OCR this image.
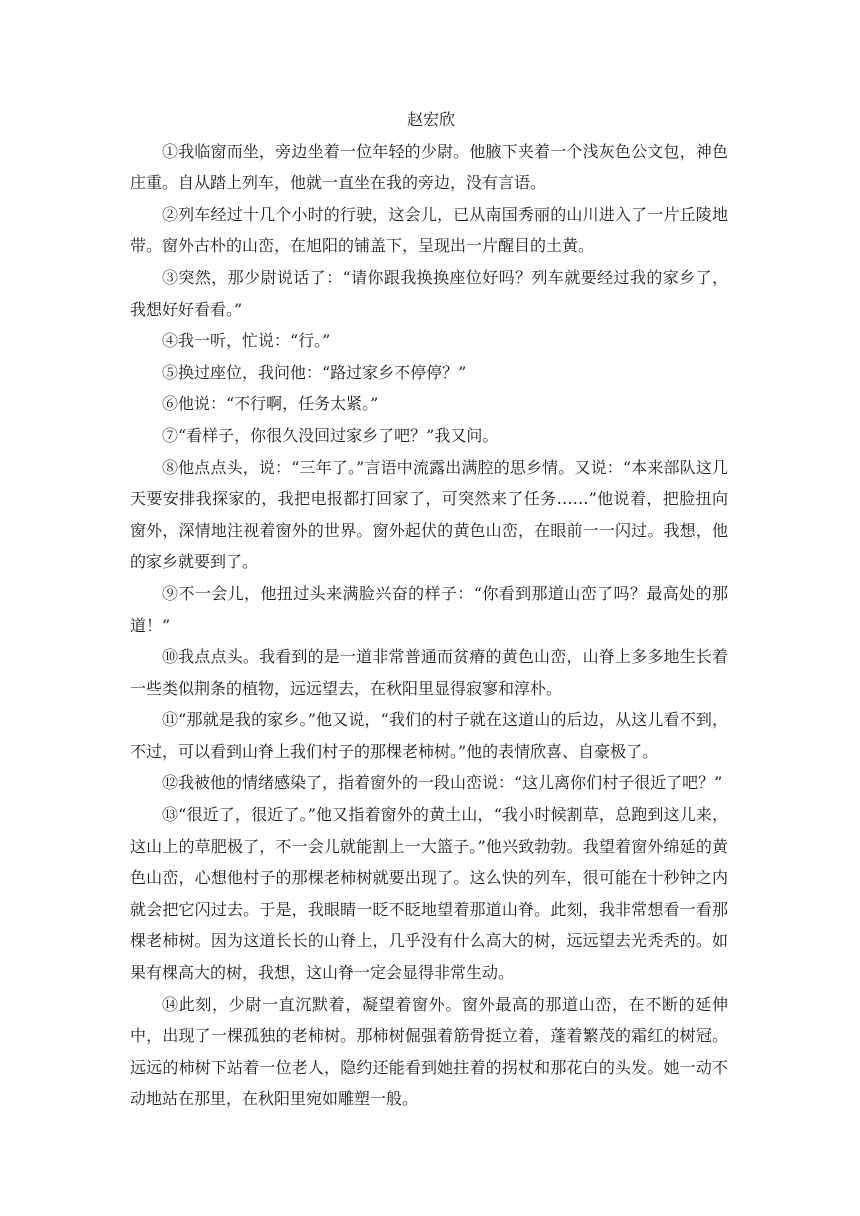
赵宏欣

①我临窗而坐，旁边坐着一位年轻的少尉。他腋下夹着一个浅灰色公文包，神色庄重。自从踏上列车，他就一直坐在我的旁边，没有言语。

②列车经过十几个小时的行驶，这会儿，已从南国秀丽的山川进入了一片丘陵地带。窗外古朴的山峦，在旭阳的铺盖下，呈现出一片醒目的土黄。

③突然，那少尉说话了：“请你跟我换换座位好吗？列车就要经过我的家乡了，我想好好看看。”

④我一听，忙说：“行。”

⑤换过座位，我问他：“路过家乡不停停？”

⑥他说：“不行啊，任务太紧。”

⑦“看样子，你很久没回过家乡了吧？”我又问。

⑧他点点头，说：“三年了。”言语中流露出满腔的思乡情。又说：“本来部队这几天要安排我探家的，我把电报都打回家了，可突然来了任务……”他说着，把脸扭向窗外，深情地注视着窗外的世界。窗外起伏的黄色山峦，在眼前一一闪过。我想，他的家乡就要到了。

⑨不一会儿，他扭过头来满脸兴奋的样子：“你看到那道山峦了吗？最高处的那道！”

⑩我点点头。我看到的是一道非常普通而贫瘠的黄色山峦，山脊上多多地生长着一些类似荆条的植物，远远望去，在秋阳里显得寂寥和淳朴。

⑪“那就是我的家乡。”他又说，“我们的村子就在这道山的后边，从这儿看不到，不过，可以看到山脊上我们村子的那棵老柿树。”他的表情欣喜、自豪极了。

⑫我被他的情绪感染了，指着窗外的一段山峦说：“这儿离你们村子很近了吧？”

⑬“很近了，很近了。”他又指着窗外的黄土山，“我小时候割草，总跑到这儿来，这山上的草肥极了，不一会儿就能割上一大篮子。”他兴致勃勃。我望着窗外绵延的黄色山峦，心想他村子的那棵老柿树就要出现了。这么快的列车，很可能在十秒钟之内就会把它闪过去。于是，我眼睛一眨不眨地望着那道山脊。此刻，我非常想看一看那棵老柿树。因为这道长长的山脊上，几乎没有什么高大的树，远远望去光秃秃的。如果有棵高大的树，我想，这山脊一定会显得非常生动。

⑭此刻，少尉一直沉默着，凝望着窗外。窗外最高的那道山峦，在不断的延伸中，出现了一棵孤独的老柿树。那柿树倔强着筋骨挺立着，蓬着繁茂的霜红的树冠。远远的柿树下站着一位老人，隐约还能看到她拄着的拐杖和那花白的头发。她一动不动地站在那里，在秋阳里宛如雕塑一般。
